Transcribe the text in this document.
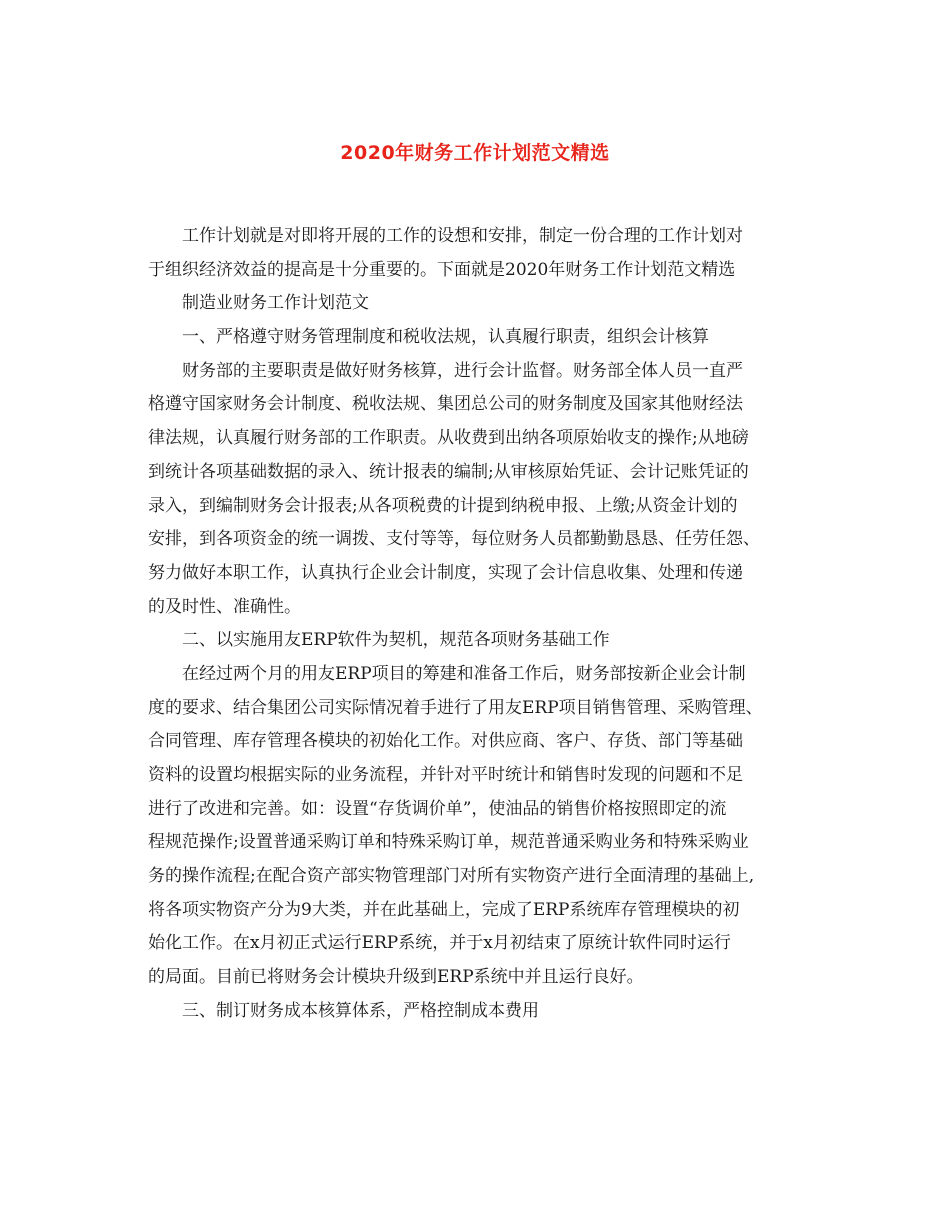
2020年财务工作计划范文精选
工作计划就是对即将开展的工作的设想和安排，制定一份合理的工作计划对
于组织经济效益的提高是十分重要的。下面就是2020年财务工作计划范文精选
制造业财务工作计划范文
一、严格遵守财务管理制度和税收法规，认真履行职责，组织会计核算
财务部的主要职责是做好财务核算，进行会计监督。财务部全体人员一直严
格遵守国家财务会计制度、税收法规、集团总公司的财务制度及国家其他财经法
律法规，认真履行财务部的工作职责。从收费到出纳各项原始收支的操作;从地磅
到统计各项基础数据的录入、统计报表的编制;从审核原始凭证、会计记账凭证的
录入，到编制财务会计报表;从各项税费的计提到纳税申报、上缴;从资金计划的
安排，到各项资金的统一调拨、支付等等，每位财务人员都勤勤恳恳、任劳任怨、
努力做好本职工作，认真执行企业会计制度，实现了会计信息收集、处理和传递
的及时性、准确性。
二、以实施用友ERP软件为契机，规范各项财务基础工作
在经过两个月的用友ERP项目的筹建和准备工作后，财务部按新企业会计制
度的要求、结合集团公司实际情况着手进行了用友ERP项目销售管理、采购管理、
合同管理、库存管理各模块的初始化工作。对供应商、客户、存货、部门等基础
资料的设置均根据实际的业务流程，并针对平时统计和销售时发现的问题和不足
进行了改进和完善。如：设置“存货调价单”，使油品的销售价格按照即定的流
程规范操作;设置普通采购订单和特殊采购订单，规范普通采购业务和特殊采购业
务的操作流程;在配合资产部实物管理部门对所有实物资产进行全面清理的基础上,
将各项实物资产分为9大类，并在此基础上，完成了ERP系统库存管理模块的初
始化工作。在x月初正式运行ERP系统，并于x月初结束了原统计软件同时运行
的局面。目前已将财务会计模块升级到ERP系统中并且运行良好。
三、制订财务成本核算体系，严格控制成本费用
